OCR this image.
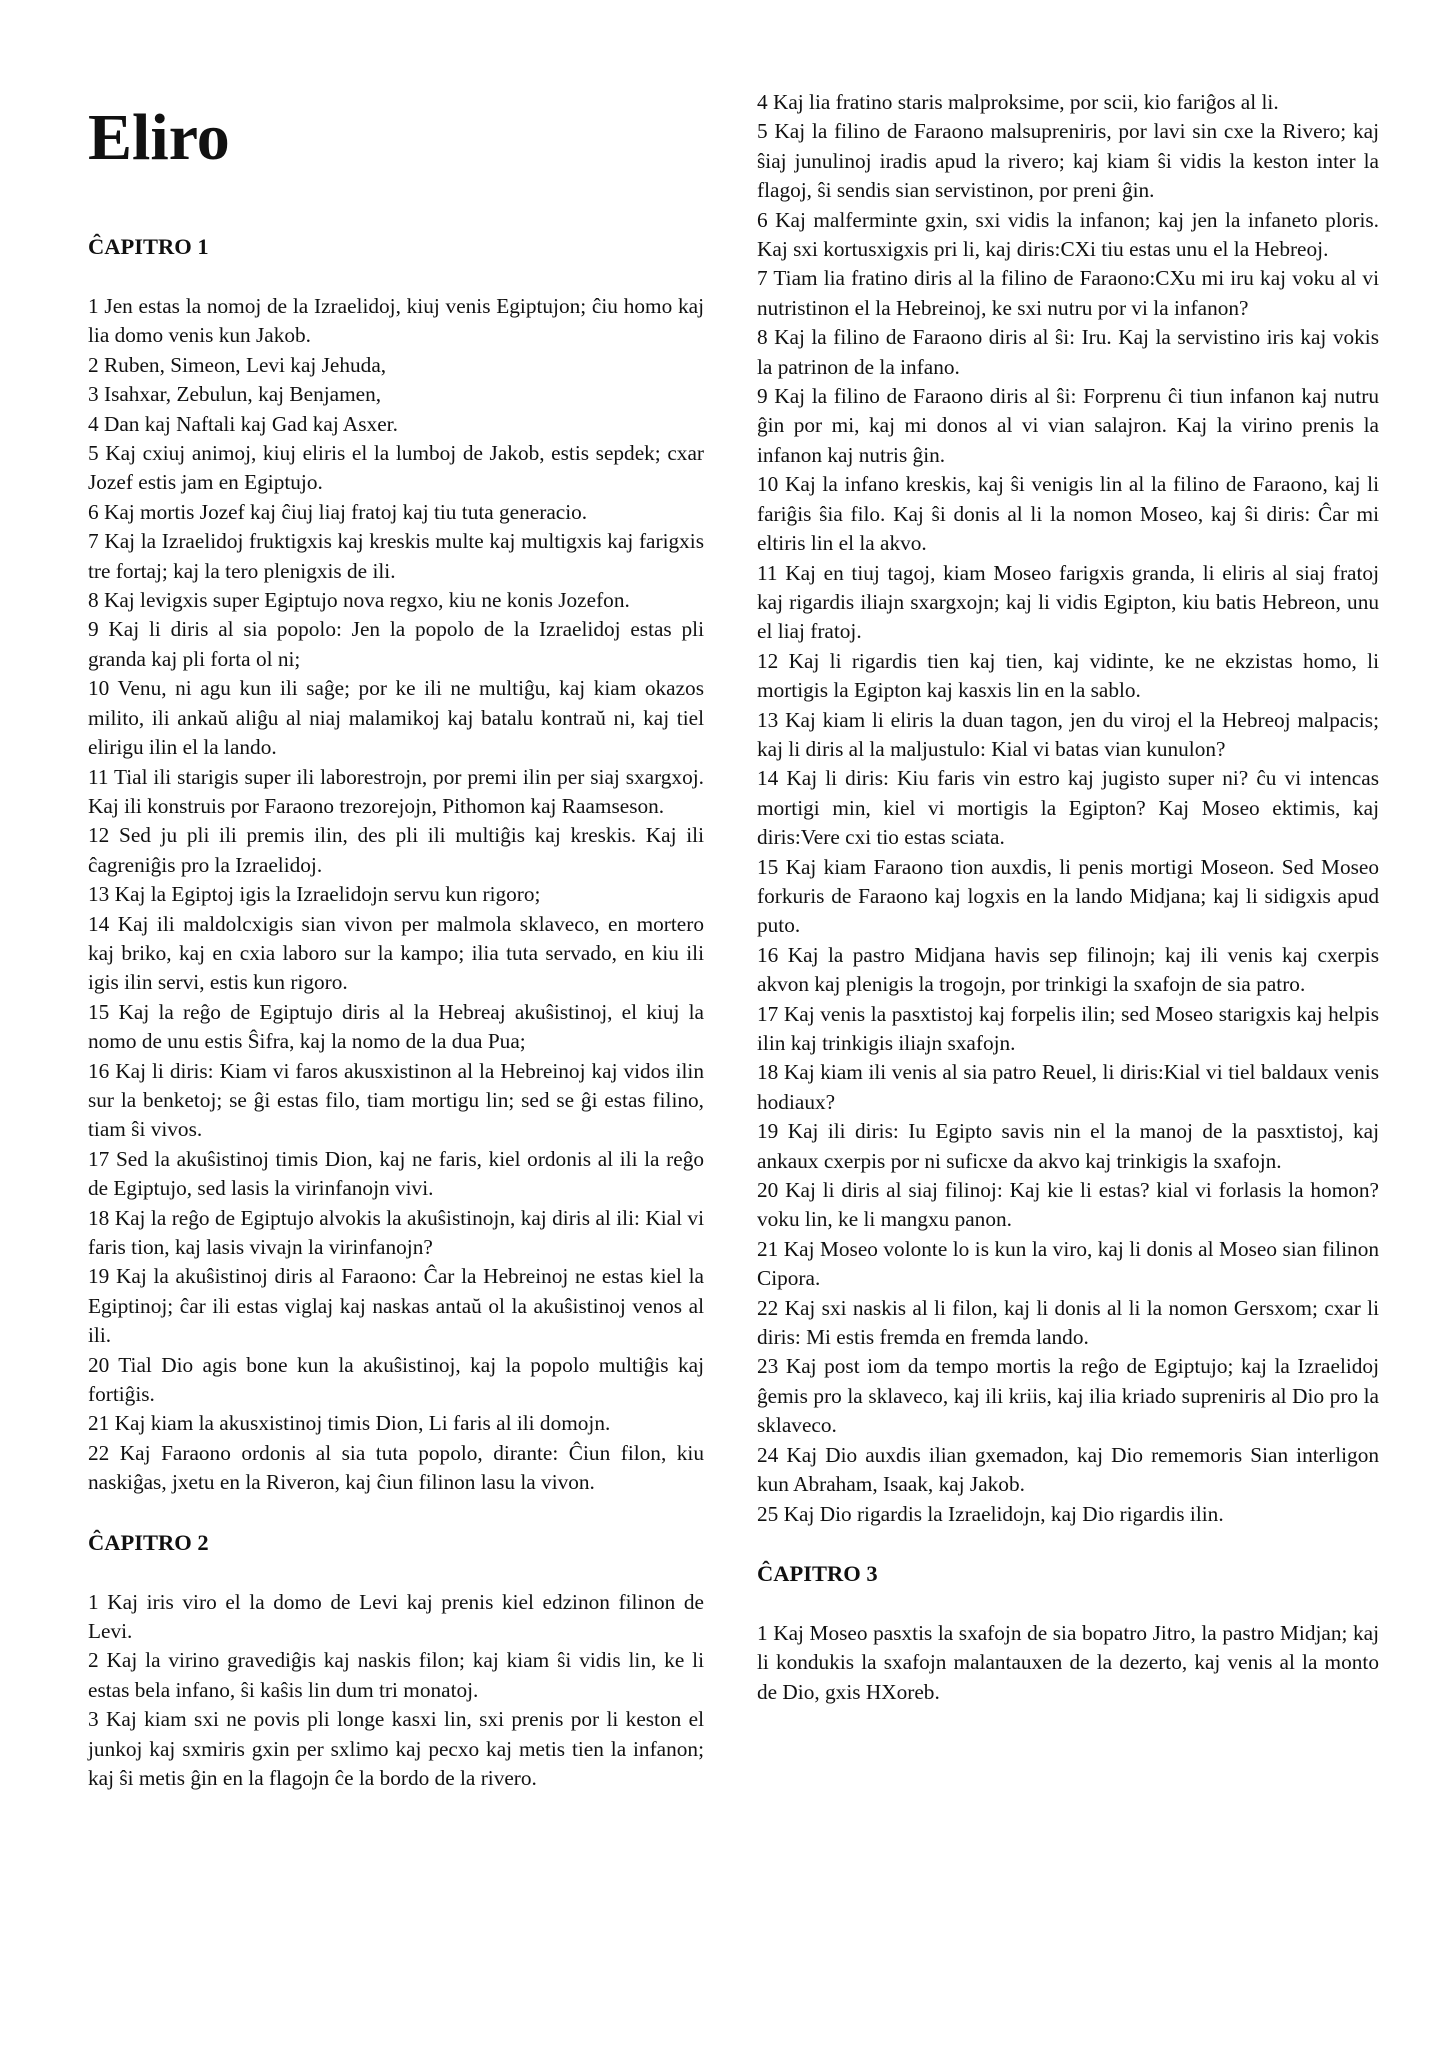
Eliro
ĈAPITRO 1

1 Jen estas la nomoj de la Izraelidoj, kiuj venis Egiptujon; ĉiu homo kaj lia domo venis kun Jakob.

2 Ruben, Simeon, Levi kaj Jehuda,

3 Isahxar, Zebulun, kaj Benjamen,

4 Dan kaj Naftali kaj Gad kaj Asxer.

5 Kaj cxiuj animoj, kiuj eliris el la lumboj de Jakob, estis sepdek; cxar Jozef estis jam en Egiptujo.

6 Kaj mortis Jozef kaj ĉiuj liaj fratoj kaj tiu tuta generacio.

7 Kaj la Izraelidoj fruktigxis kaj kreskis multe kaj multigxis kaj farigxis tre fortaj; kaj la tero plenigxis de ili.

8 Kaj levigxis super Egiptujo nova regxo, kiu ne konis Jozefon.

9 Kaj li diris al sia popolo: Jen la popolo de la Izraelidoj estas pli granda kaj pli forta ol ni;

10 Venu, ni agu kun ili saĝe; por ke ili ne multiĝu, kaj kiam okazos milito, ili ankaŭ aliĝu al niaj malamikoj kaj batalu kontraŭ ni, kaj tiel elirigu ilin el la lando.

11 Tial ili starigis super ili laborestrojn, por premi ilin per siaj sxargxoj. Kaj ili konstruis por Faraono trezorejojn, Pithomon kaj Raamseson.

12 Sed ju pli ili premis ilin, des pli ili multiĝis kaj kreskis. Kaj ili ĉagreniĝis pro la Izraelidoj.

13 Kaj la Egiptoj igis la Izraelidojn servu kun rigoro;

14 Kaj ili maldolcxigis sian vivon per malmola sklaveco, en mortero kaj briko, kaj en cxia laboro sur la kampo; ilia tuta servado, en kiu ili igis ilin servi, estis kun rigoro.

15 Kaj la reĝo de Egiptujo diris al la Hebreaj akuŝistinoj, el kiuj la nomo de unu estis Ŝifra, kaj la nomo de la dua Pua;

16 Kaj li diris: Kiam vi faros akusxistinon al la Hebreinoj kaj vidos ilin sur la benketoj; se ĝi estas filo, tiam mortigu lin; sed se ĝi estas filino, tiam ŝi vivos.

17 Sed la akuŝistinoj timis Dion, kaj ne faris, kiel ordonis al ili la reĝo de Egiptujo, sed lasis la virinfanojn vivi.

18 Kaj la reĝo de Egiptujo alvokis la akuŝistinojn, kaj diris al ili: Kial vi faris tion, kaj lasis vivajn la virinfanojn?

19 Kaj la akuŝistinoj diris al Faraono: Ĉar la Hebreinoj ne estas kiel la Egiptinoj; ĉar ili estas viglaj kaj naskas antaŭ ol la akuŝistinoj venos al ili.

20 Tial Dio agis bone kun la akuŝistinoj, kaj la popolo multiĝis kaj fortiĝis.

21 Kaj kiam la akusxistinoj timis Dion, Li faris al ili domojn.

22 Kaj Faraono ordonis al sia tuta popolo, dirante: Ĉiun filon, kiu naskiĝas, jxetu en la Riveron, kaj ĉiun filinon lasu la vivon.

ĈAPITRO 2

1 Kaj iris viro el la domo de Levi kaj prenis kiel edzinon filinon de Levi.

2 Kaj la virino gravediĝis kaj naskis filon; kaj kiam ŝi vidis lin, ke li estas bela infano, ŝi kaŝis lin dum tri monatoj.

3 Kaj kiam sxi ne povis pli longe kasxi lin, sxi prenis por li keston el junkoj kaj sxmiris gxin per sxlimo kaj pecxo kaj metis tien la infanon; kaj ŝi metis ĝin en la flagojn ĉe la bordo de la rivero.

4 Kaj lia fratino staris malproksime, por scii, kio fariĝos al li.

5 Kaj la filino de Faraono malsupreniris, por lavi sin cxe la Rivero; kaj ŝiaj junulinoj iradis apud la rivero; kaj kiam ŝi vidis la keston inter la flagoj, ŝi sendis sian servistinon, por preni ĝin.

6 Kaj malferminte gxin, sxi vidis la infanon; kaj jen la infaneto ploris. Kaj sxi kortusxigxis pri li, kaj diris:CXi tiu estas unu el la Hebreoj.

7 Tiam lia fratino diris al la filino de Faraono:CXu mi iru kaj voku al vi nutristinon el la Hebreinoj, ke sxi nutru por vi la infanon?

8 Kaj la filino de Faraono diris al ŝi: Iru. Kaj la servistino iris kaj vokis la patrinon de la infano.

9 Kaj la filino de Faraono diris al ŝi: Forprenu ĉi tiun infanon kaj nutru ĝin por mi, kaj mi donos al vi vian salajron. Kaj la virino prenis la infanon kaj nutris ĝin.

10 Kaj la infano kreskis, kaj ŝi venigis lin al la filino de Faraono, kaj li fariĝis ŝia filo. Kaj ŝi donis al li la nomon Moseo, kaj ŝi diris: Ĉar mi eltiris lin el la akvo.

11 Kaj en tiuj tagoj, kiam Moseo farigxis granda, li eliris al siaj fratoj kaj rigardis iliajn sxargxojn; kaj li vidis Egipton, kiu batis Hebreon, unu el liaj fratoj.

12 Kaj li rigardis tien kaj tien, kaj vidinte, ke ne ekzistas homo, li mortigis la Egipton kaj kasxis lin en la sablo.

13 Kaj kiam li eliris la duan tagon, jen du viroj el la Hebreoj malpacis; kaj li diris al la maljustulo: Kial vi batas vian kunulon?

14 Kaj li diris: Kiu faris vin estro kaj jugisto super ni? ĉu vi intencas mortigi min, kiel vi mortigis la Egipton? Kaj Moseo ektimis, kaj diris:Vere cxi tio estas sciata.

15 Kaj kiam Faraono tion auxdis, li penis mortigi Moseon. Sed Moseo forkuris de Faraono kaj logxis en la lando Midjana; kaj li sidigxis apud puto.

16 Kaj la pastro Midjana havis sep filinojn; kaj ili venis kaj cxerpis akvon kaj plenigis la trogojn, por trinkigi la sxafojn de sia patro.

17 Kaj venis la pasxtistoj kaj forpelis ilin; sed Moseo starigxis kaj helpis ilin kaj trinkigis iliajn sxafojn.

18 Kaj kiam ili venis al sia patro Reuel, li diris:Kial vi tiel baldaux venis hodiaux?

19 Kaj ili diris: Iu Egipto savis nin el la manoj de la pasxtistoj, kaj ankaux cxerpis por ni suficxe da akvo kaj trinkigis la sxafojn.

20 Kaj li diris al siaj filinoj: Kaj kie li estas? kial vi forlasis la homon? voku lin, ke li mangxu panon.

21 Kaj Moseo volonte lo is kun la viro, kaj li donis al Moseo sian filinon Cipora.

22 Kaj sxi naskis al li filon, kaj li donis al li la nomon Gersxom; cxar li diris: Mi estis fremda en fremda lando.

23 Kaj post iom da tempo mortis la reĝo de Egiptujo; kaj la Izraelidoj ĝemis pro la sklaveco, kaj ili kriis, kaj ilia kriado supreniris al Dio pro la sklaveco.

24 Kaj Dio auxdis ilian gxemadon, kaj Dio rememoris Sian interligon kun Abraham, Isaak, kaj Jakob.

25 Kaj Dio rigardis la Izraelidojn, kaj Dio rigardis ilin.

ĈAPITRO 3

1 Kaj Moseo pasxtis la sxafojn de sia bopatro Jitro, la pastro Midjan; kaj li kondukis la sxafojn malantauxen de la dezerto, kaj venis al la monto de Dio, gxis HXoreb.
